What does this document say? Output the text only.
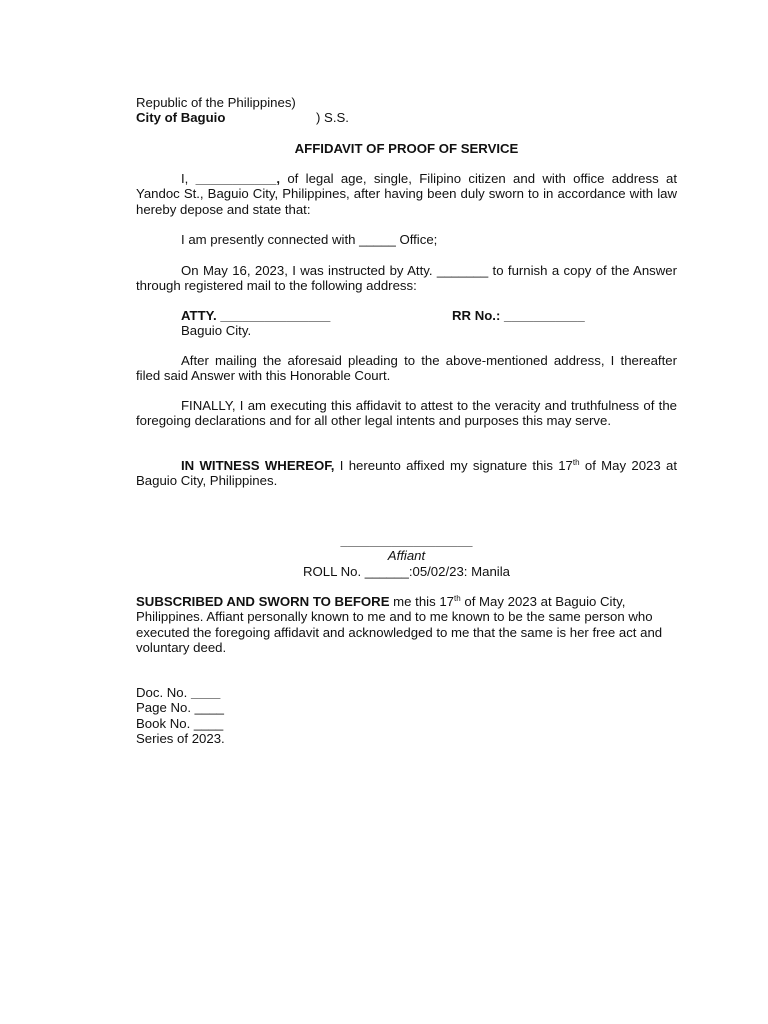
Republic of the Philippines)
City of Baguio	) S.S.
AFFIDAVIT OF PROOF OF SERVICE
I, ___________, of legal age, single, Filipino citizen and with office address at Yandoc St., Baguio City, Philippines, after having been duly sworn to in accordance with law hereby depose and state that:
I am presently connected with _____ Office;
On May 16, 2023, I was instructed by Atty. _______ to furnish a copy of the Answer through registered mail to the following address:
ATTY. _______________	RR No.: ___________
Baguio City.
After mailing the aforesaid pleading to the above-mentioned address, I thereafter filed said Answer with this Honorable Court.
FINALLY, I am executing this affidavit to attest to the veracity and truthfulness of the foregoing declarations and for all other legal intents and purposes this may serve.
IN WITNESS WHEREOF, I hereunto affixed my signature this 17th of May 2023 at Baguio City, Philippines.
__________________
Affiant
ROLL No. ______:05/02/23: Manila
SUBSCRIBED AND SWORN TO BEFORE me this 17th of May 2023 at Baguio City, Philippines. Affiant personally known to me and to me known to be the same person who executed the foregoing affidavit and acknowledged to me that the same is her free act and voluntary deed.
Doc. No. ____
Page No. ____
Book No. ____
Series of 2023.
